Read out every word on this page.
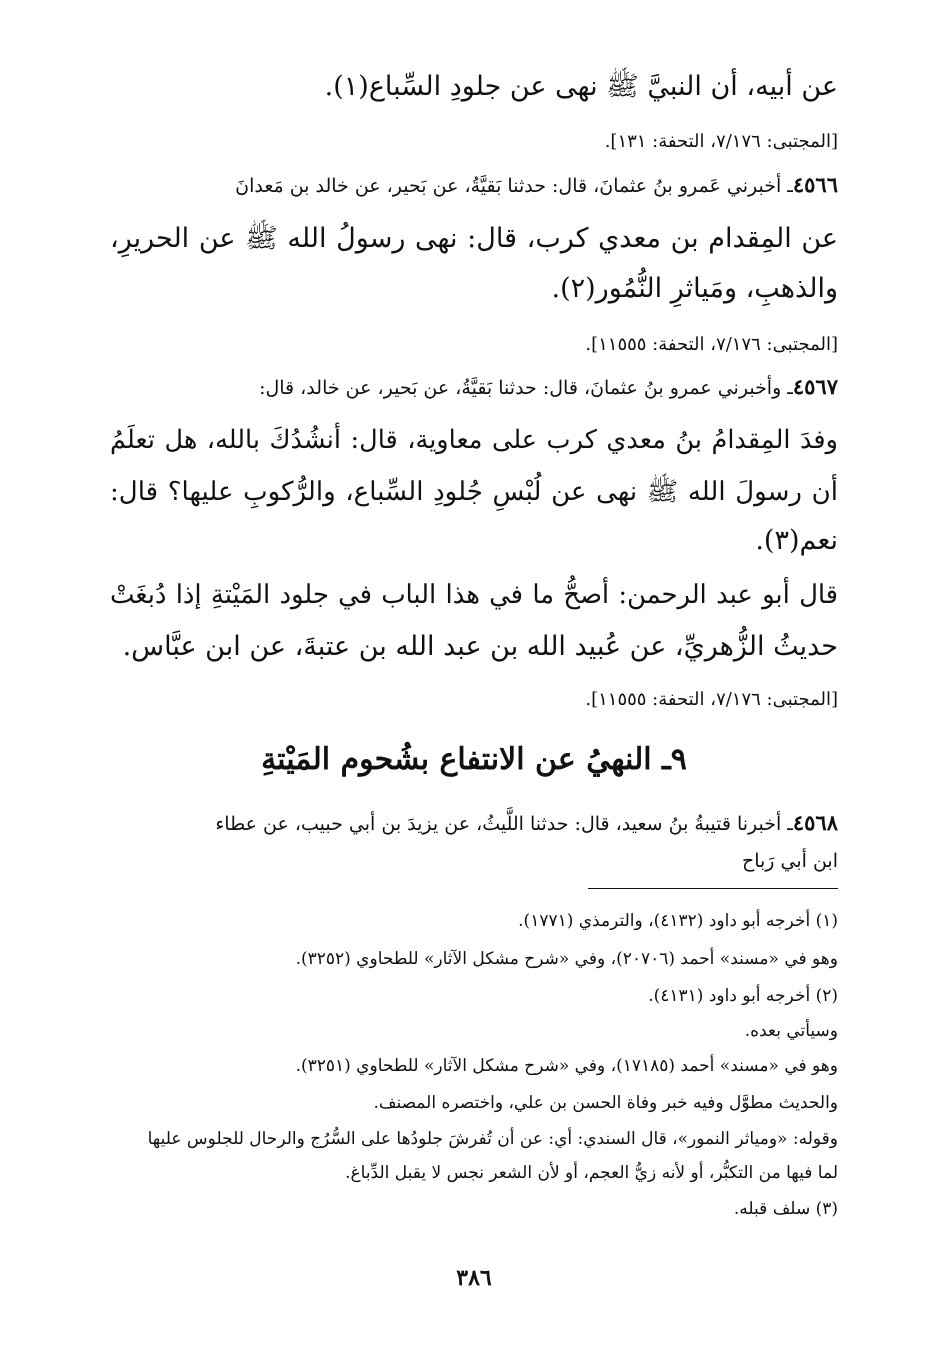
عن أبيه، أن النبيَّ ﷺ نهى عن جلودِ السِّباع(١).
[المجتبى: ٧/١٧٦، التحفة: ١٣١].
٤٥٦٦ـ أخبرني عَمرو بنُ عثمانَ، قال: حدثنا بَقيَّةُ، عن بَحير، عن خالد بن مَعدانَ
عن المِقدام بن معدي كرب، قال: نهى رسولُ الله ﷺ عن الحريرِ،
والذهبِ، ومَياثرِ النُّمُور(٢).
[المجتبى: ٧/١٧٦، التحفة: ١١٥٥٥].
٤٥٦٧ـ وأخبرني عمرو بنُ عثمانَ، قال: حدثنا بَقيَّةُ، عن بَحير، عن خالد، قال:
وفدَ المِقدامُ بنُ معدي كرب على معاوية، قال: أنشُدُكَ بالله، هل تعلَمُ
أن رسولَ الله ﷺ نهى عن لُبْسِ جُلودِ السِّباع، والرُّكوبِ عليها؟ قال:
نعم(٣).
قال أبو عبد الرحمن: أصحُّ ما في هذا الباب في جلود المَيْتةِ إذا دُبغَتْ
حديثُ الزُّهريِّ، عن عُبيد الله بن عبد الله بن عتبةَ، عن ابن عبَّاس.
[المجتبى: ٧/١٧٦، التحفة: ١١٥٥٥].
٩ـ النهيُ عن الانتفاع بشُحوم المَيْتةِ
٤٥٦٨ـ أخبرنا قتيبةُ بنُ سعيد، قال: حدثنا اللَّيثُ، عن يزيدَ بن أبي حبيب، عن عطاء
ابن أبي رَباح
(١) أخرجه أبو داود (٤١٣٢)، والترمذي (١٧٧١).
وهو في «مسند» أحمد (٢٠٧٠٦)، وفي «شرح مشكل الآثار» للطحاوي (٣٢٥٢).
(٢) أخرجه أبو داود (٤١٣١).
وسيأتي بعده.
وهو في «مسند» أحمد (١٧١٨٥)، وفي «شرح مشكل الآثار» للطحاوي (٣٢٥١).
والحديث مطوَّل وفيه خبر وفاة الحسن بن علي، واختصره المصنف.
وقوله: «ومياثر النمور»، قال السندي: أي: عن أن تُفرشَ جلودُها على السُّرُج والرحال للجلوس عليها
لما فيها من التكبُّر، أو لأنه زيُّ العجم، أو لأن الشعر نجس لا يقبل الدِّباغ.
(٣) سلف قبله.
٣٨٦
